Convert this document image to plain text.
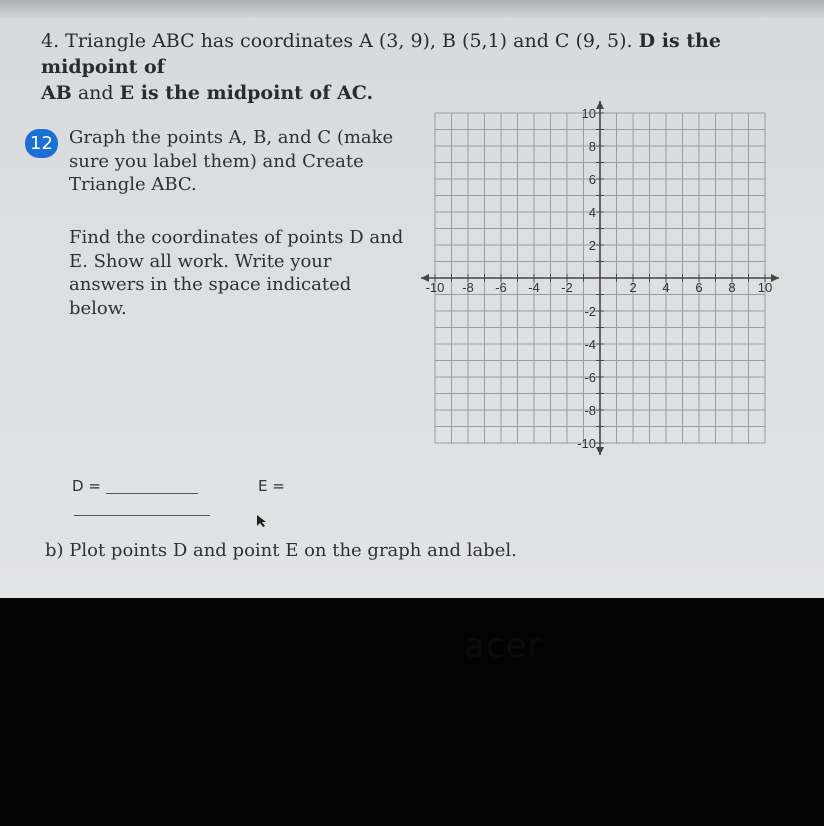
4. Triangle ABC has coordinates A (3, 9), B (5,1) and C (9, 5). D is the midpoint of
AB and E is the midpoint of AC.
12 Graph the points A, B, and C (make
sure you label them) and Create
Triangle ABC.
Find the coordinates of points D and
E. Show all work. Write your
answers in the space indicated
below.
-10 -8 -6 -4 -2	2 4 6 8 10
10
8
6
4
2
-2
-4
-6
-8
-10
D =	E =
b) Plot points D and point E on the graph and label.
acer
